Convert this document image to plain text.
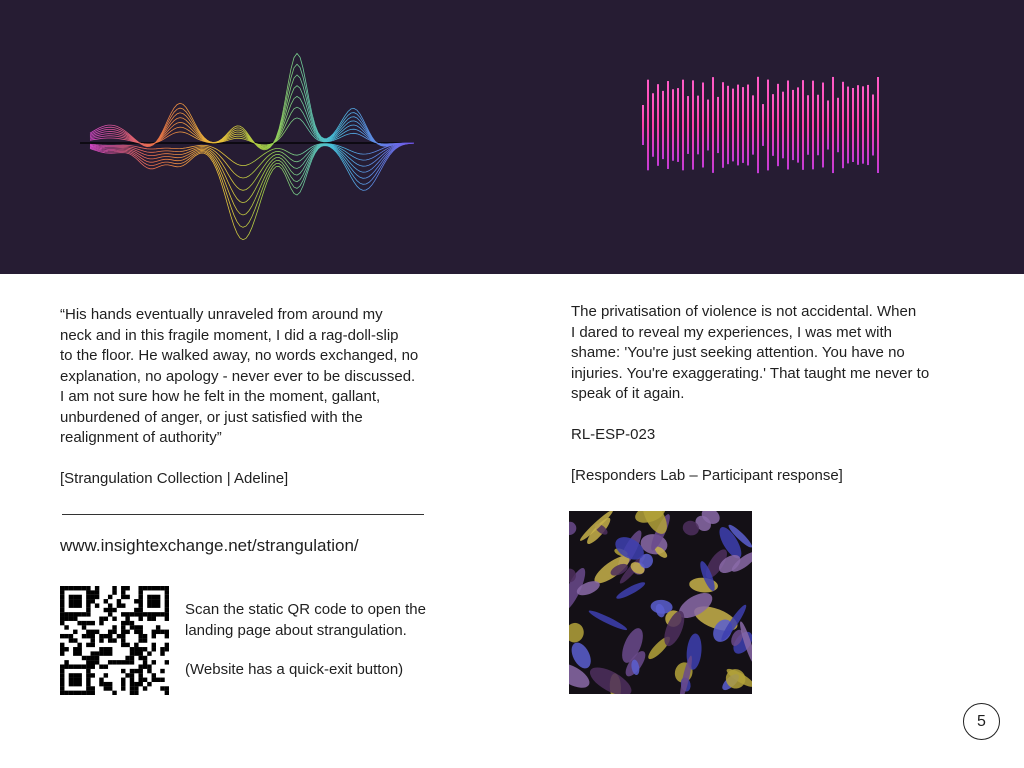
“His hands eventually unraveled from around my
neck and in this fragile moment, I did a rag-doll-slip
to the floor. He walked away, no words exchanged, no
explanation, no apology - never ever to be discussed.
I am not sure how he felt in the moment, gallant,
unburdened of anger, or just satisfied with the
realignment of authority”
[Strangulation Collection | Adeline]
www.insightexchange.net/strangulation/
Scan the static QR code to open the
landing page about strangulation.
(Website has a quick-exit button)
The privatisation of violence is not accidental. When
I dared to reveal my experiences, I was met with
shame: 'You're just seeking attention. You have no
injuries. You're exaggerating.' That taught me never to
speak of it again.
RL-ESP-023
[Responders Lab – Participant response]
5
